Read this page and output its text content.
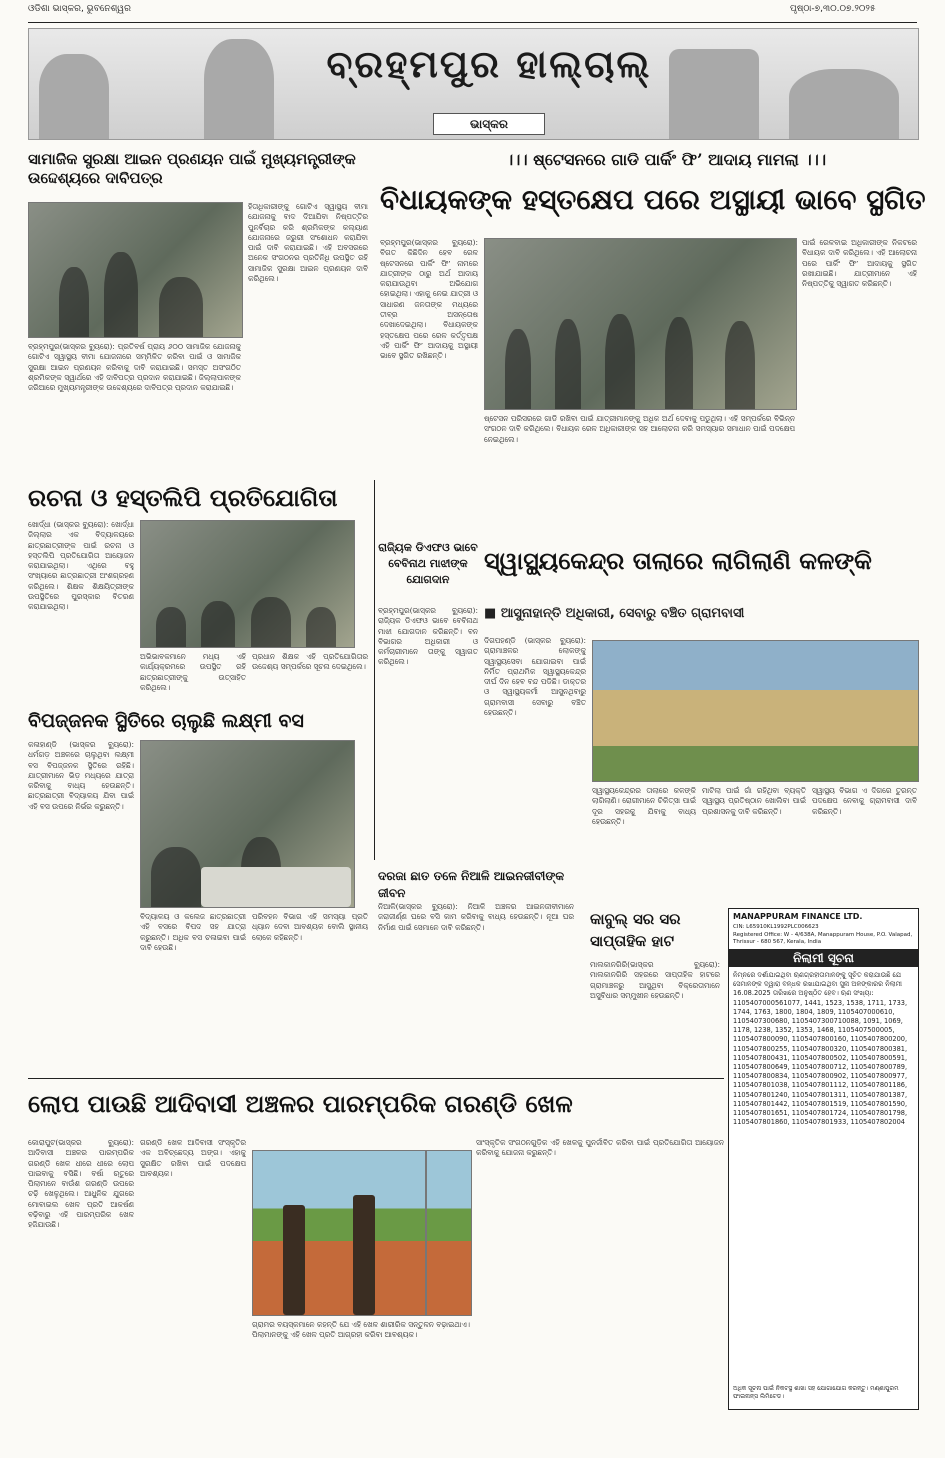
ଓଡିଶା ଭାସ୍କର, ଭୁବନେଶ୍ୱର	ପୃଷ୍ଠା-୭,୩୦.୦୭.୨୦୨୫
ବ୍ରହ୍ମପୁର ହାଲ୍‌ଚାଲ୍
ଭାସ୍କର
ସାମାଜିକ ସୁରକ୍ଷା ଆଇନ ପ୍ରଣୟନ ପାଇଁ ମୁଖ୍ୟମନ୍ତ୍ରୀଙ୍କ ଉଦ୍ଦେଶ୍ୟରେ ଦାବିପତ୍ର
ବ୍ରହ୍ମପୁର(ଭାସ୍କର ବ୍ୟୁରୋ): ପ୍ରତିବର୍ଷ ପ୍ରାୟ ୬୦୦ ସାମାଜିକ ଯୋଜନାକୁ ଗୋଟିଏ ସ୍ୱାସ୍ଥ୍ୟ ବୀମା ଯୋଜନାରେ ସମ୍ମିଳିତ କରିବା ପାଇଁ ଓ ସାମାଜିକ ସୁରକ୍ଷା ଆଇନ ପ୍ରଣୟନ କରିବାକୁ ଦାବି କରାଯାଇଛି। ସମସ୍ତ ଅସଂଗଠିତ ଶ୍ରମିକଙ୍କ ସ୍ୱାର୍ଥରେ ଏହି ଦାବିପତ୍ର ପ୍ରଦାନ କରାଯାଇଛି। ଜିଲ୍ଲାପାଳଙ୍କ ଜରିଆରେ ମୁଖ୍ୟମନ୍ତ୍ରୀଙ୍କ ଉଦ୍ଦେଶ୍ୟରେ ଦାବିପତ୍ର ପ୍ରଦାନ କରାଯାଇଛି।
ହିତାଧିକାରୀଙ୍କୁ ଗୋଟିଏ ସ୍ୱାସ୍ଥ୍ୟ ବୀମା ଯୋଜନାକୁ ବାଦ ଦିଆଯିବା ନିଷ୍ପତ୍ତିର ପୁନର୍ବିଚାର କରି ଶ୍ରମିକଙ୍କ କଲ୍ୟାଣ ଯୋଜନାରେ ଜରୁରୀ ସଂଶୋଧନ କରାଯିବା ପାଇଁ ଦାବି କରାଯାଇଛି। ଏହି ଅବସରରେ ଅନେକ ସଂଗଠନର ପ୍ରତିନିଧି ଉପସ୍ଥିତ ରହି ସାମାଜିକ ସୁରକ୍ଷା ଆଇନ ପ୍ରଣୟନ ଦାବି କରିଥିଲେ।
।।। ଷ୍ଟେସନରେ ଗାଡି ପାର୍କିଂ ଫି’ ଆଦାୟ ମାମଲା ।।।
ବିଧାୟକଙ୍କ ହସ୍ତକ୍ଷେପ ପରେ ଅସ୍ଥାୟୀ ଭାବେ ସ୍ଥଗିତ
ବ୍ରହ୍ମପୁର(ଭାସ୍କର ବ୍ୟୁରୋ): ବିଗତ କିଛିଦିନ ହେବ ରେଳ ଷ୍ଟେସନରେ ପାର୍କିଂ ଫି’ ନାମରେ ଯାତ୍ରୀଙ୍କ ଠାରୁ ଅର୍ଥ ଆଦାୟ କରାଯାଉଥିବା ଅଭିଯୋଗ ହୋଇଥିଲା। ଏହାକୁ ନେଇ ଯାତ୍ରୀ ଓ ସାଧାରଣ ଜନତାଙ୍କ ମଧ୍ୟରେ ତୀବ୍ର ଅସନ୍ତୋଷ ଦେଖାଦେଇଥିଲା। ବିଧାୟକଙ୍କ ହସ୍ତକ୍ଷେପ ପରେ ରେଳ କର୍ତ୍ତୃପକ୍ଷ ଏହି ପାର୍କିଂ ଫି’ ଆଦାୟକୁ ଅସ୍ଥାୟୀ ଭାବେ ସ୍ଥଗିତ ରଖିଛନ୍ତି।
ଷ୍ଟେସନ ପରିସରରେ ଗାଡି ରଖିବା ପାଇଁ ଯାତ୍ରୀମାନଙ୍କୁ ଅଧିକ ଅର୍ଥ ଦେବାକୁ ପଡୁଥିଲା। ଏହି ସମ୍ପର୍କରେ ବିଭିନ୍ନ ସଂଗଠନ ଦାବି କରିଥିଲେ। ବିଧାୟକ ରେଳ ଅଧିକାରୀଙ୍କ ସହ ଆଲୋଚନା କରି ସମସ୍ୟାର ସମାଧାନ ପାଇଁ ପଦକ୍ଷେପ ନେଇଥିଲେ।
ପାଇଁ ରେଳବାଇ ଅଧିକାରୀଙ୍କ ନିକଟରେ ବିଧାୟକ ଦାବି କରିଥିଲେ। ଏହି ଆଲୋଚନା ପରେ ପାର୍କିଂ ଫି’ ଆଦାୟକୁ ସ୍ଥଗିତ ରଖାଯାଇଛି। ଯାତ୍ରୀମାନେ ଏହି ନିଷ୍ପତ୍ତିକୁ ସ୍ୱାଗତ କରିଛନ୍ତି।
ରଚନା ଓ ହସ୍ତଲିପି ପ୍ରତିଯୋଗିତା
ଖୋର୍ଦ୍ଧା (ଭାସ୍କର ବ୍ୟୁରୋ): ଖୋର୍ଦ୍ଧା ଜିଲ୍ଲାର ଏକ ବିଦ୍ୟାଳୟରେ ଛାତ୍ରଛାତ୍ରୀଙ୍କ ପାଇଁ ରଚନା ଓ ହସ୍ତଲିପି ପ୍ରତିଯୋଗିତା ଆୟୋଜନ କରାଯାଇଥିଲା। ଏଥିରେ ବହୁ ସଂଖ୍ୟାରେ ଛାତ୍ରଛାତ୍ରୀ ଅଂଶଗ୍ରହଣ କରିଥିଲେ। ଶିକ୍ଷକ ଶିକ୍ଷୟିତ୍ରୀଙ୍କ ଉପସ୍ଥିତିରେ ପୁରସ୍କାର ବିତରଣ କରାଯାଇଥିଲା।
ଅଭିଭାବକମାନେ ମଧ୍ୟ ଏହି କାର୍ଯ୍ୟକ୍ରମରେ ଉପସ୍ଥିତ ରହି ଛାତ୍ରଛାତ୍ରୀଙ୍କୁ ଉତ୍ସାହିତ କରିଥିଲେ।
ପ୍ରଧାନ ଶିକ୍ଷକ ଏହି ପ୍ରତିଯୋଗିତାର ଉଦ୍ଦେଶ୍ୟ ସମ୍ପର୍କରେ ସୂଚନା ଦେଇଥିଲେ।
ରାଜ୍ୟିକ ଡିଏଫଓ ଭାବେ ବେବିନାଥ ମାଝୀଙ୍କ ଯୋଗଦାନ
ବ୍ରହ୍ମପୁର(ଭାସ୍କର ବ୍ୟୁରୋ): ରାଜ୍ୟିକ ଡିଏଫଓ ଭାବେ ବେବିନାଥ ମାଝୀ ଯୋଗଦାନ କରିଛନ୍ତି। ବନ ବିଭାଗର ଅଧିକାରୀ ଓ କର୍ମଚାରୀମାନେ ତାଙ୍କୁ ସ୍ୱାଗତ କରିଥିଲେ।
ସ୍ୱାସ୍ଥ୍ୟକେନ୍ଦ୍ର ତାଲାରେ ଲାଗିଲାଣି କଳଙ୍କି
■ ଆସୁନାହାନ୍ତି ଅଧିକାରୀ, ସେବାରୁ ବଞ୍ଚିତ ଗ୍ରାମବାସୀ
ଦିଗପହଣ୍ଡି (ଭାସ୍କର ବ୍ୟୁରୋ): ଗ୍ରାମାଞ୍ଚଳର ଲୋକଙ୍କୁ ସ୍ୱାସ୍ଥ୍ୟସେବା ଯୋଗାଇବା ପାଇଁ ନିର୍ମିତ ପ୍ରାଥମିକ ସ୍ୱାସ୍ଥ୍ୟକେନ୍ଦ୍ର ଦୀର୍ଘ ଦିନ ହେବ ବନ୍ଦ ପଡିଛି। ଡାକ୍ତର ଓ ସ୍ୱାସ୍ଥ୍ୟକର୍ମୀ ଆସୁନଥିବାରୁ ଗ୍ରାମବାସୀ ସେବାରୁ ବଞ୍ଚିତ ହେଉଛନ୍ତି।
ସ୍ୱାସ୍ଥ୍ୟକେନ୍ଦ୍ରର ତାଲାରେ କଳଙ୍କି ଲାଗିଲାଣି। ରୋଗୀମାନେ ଚିକିତ୍ସା ପାଇଁ ଦୂର ସହରକୁ ଯିବାକୁ ବାଧ୍ୟ ହେଉଛନ୍ତି।
ମାଟିଲା ପାଇଁ ଗାଁ ରହିଥିବା ବ୍ୟକ୍ତି ସ୍ୱାସ୍ଥ୍ୟ ପ୍ରତିଷ୍ଠାନ ଖୋଲିବା ପାଇଁ ପ୍ରଶାସନକୁ ଦାବି କରିଛନ୍ତି।
ସ୍ୱାସ୍ଥ୍ୟ ବିଭାଗ ଏ ଦିଗରେ ତୁରନ୍ତ ପଦକ୍ଷେପ ନେବାକୁ ଗ୍ରାମବାସୀ ଦାବି କରିଛନ୍ତି।
ବିପଜ୍ଜନକ ସ୍ଥିତିରେ ଚାଲୁଛି ଲକ୍ଷ୍ମୀ ବସ
କଳାହାଣ୍ଡି (ଭାସ୍କର ବ୍ୟୁରୋ): ଧର୍ମଗଡ଼ ଅଞ୍ଚଳରେ ଚାଲୁଥିବା ଲକ୍ଷ୍ମୀ ବସ ବିପଜ୍ଜନକ ସ୍ଥିତିରେ ରହିଛି। ଯାତ୍ରୀମାନେ ଭିଡ଼ ମଧ୍ୟରେ ଯାତ୍ରା କରିବାକୁ ବାଧ୍ୟ ହେଉଛନ୍ତି। ଛାତ୍ରଛାତ୍ରୀ ବିଦ୍ୟାଳୟ ଯିବା ପାଇଁ ଏହି ବସ ଉପରେ ନିର୍ଭର କରୁଛନ୍ତି।
ବିଦ୍ୟାଳୟ ଓ କଲେଜ ଛାତ୍ରଛାତ୍ରୀ ଏହି ବସରେ ବିପଦ ସହ ଯାତ୍ରା କରୁଛନ୍ତି। ଅଧିକ ବସ ଚଳାଇବା ପାଇଁ ଦାବି ହେଉଛି।
ପରିବହନ ବିଭାଗ ଏହି ସମସ୍ୟା ପ୍ରତି ଧ୍ୟାନ ଦେବା ଆବଶ୍ୟକ ବୋଲି ସ୍ଥାନୀୟ ଲୋକେ କହିଛନ୍ତି।
ଦରଜା ଛାତ ତଳେ ନିଆଳି ଆଇନଜୀବୀଙ୍କ ଜୀବନ
ନିଆଳି(ଭାସ୍କର ବ୍ୟୁରୋ): ନିଆଳି ଅଞ୍ଚଳର ଆଇନଜୀବୀମାନେ ଜରାଜୀର୍ଣ୍ଣ ଘରେ ବସି କାମ କରିବାକୁ ବାଧ୍ୟ ହେଉଛନ୍ତି। ନୂଆ ଘର ନିର୍ମାଣ ପାଇଁ ସେମାନେ ଦାବି କରିଛନ୍ତି।	କାବୁଲ୍ ସର ସର ସାପ୍ତାହିକ ହାଟ
ମାଲକାନଗିରି(ଭାସ୍କର ବ୍ୟୁରୋ): ମାଲକାନଗିରି ସହରରେ ସାପ୍ତାହିକ ହାଟରେ ଗ୍ରାମାଞ୍ଚଳରୁ ଆସୁଥିବା ବିକ୍ରେତାମାନେ ଅସୁବିଧାର ସମ୍ମୁଖୀନ ହେଉଛନ୍ତି।
MANAPPURAM FINANCE LTD.
CIN: L65910KL1992PLC006623
Registered Office: W - 4/638A, Manappuram House, P.O. Valapad, Thrissur - 680 567, Kerala, India
ନିଲାମୀ ସୂଚନା
ନିମ୍ନରେ ଦର୍ଶାଯାଇଥିବା ଋଣଗ୍ରହୀତାମାନଙ୍କୁ ସୂଚିତ କରାଯାଉଛି ଯେ ସେମାନଙ୍କ ଦ୍ୱାରା ବନ୍ଧକ ରଖାଯାଇଥିବା ସୁନା ଅଳଙ୍କାରର ନିଲାମୀ 16.08.2025 ତାରିଖରେ ଅନୁଷ୍ଠିତ ହେବ। ଋଣ ସଂଖ୍ୟା: 1105407000561077, 1441, 1523, 1538, 1711, 1733, 1744, 1763, 1800, 1804, 1809, 1105407000610, 1105407300680, 1105407300710088, 1091, 1069, 1178, 1238, 1352, 1353, 1468, 1105407500005, 1105407800090, 1105407800160, 1105407800200, 1105407800255, 1105407800320, 1105407800381, 1105407800431, 1105407800502, 1105407800591, 1105407800649, 1105407800712, 1105407800789, 1105407800834, 1105407800902, 1105407800977, 1105407801038, 1105407801112, 1105407801186, 1105407801240, 1105407801311, 1105407801387, 1105407801442, 1105407801519, 1105407801590, 1105407801651, 1105407801724, 1105407801798, 1105407801860, 1105407801933, 1105407802004
ଅଧିକ ସୂଚନା ପାଇଁ ନିକଟସ୍ଥ ଶାଖା ସହ ଯୋଗାଯୋଗ କରନ୍ତୁ। ମଣ୍ଣାପୁରମ ଫାଇନାନ୍ସ ଲିମିଟେଡ।
ଲୋପ ପାଉଛି ଆଦିବାସୀ ଅଞ୍ଚଳର ପାରମ୍ପରିକ ଗରଣ୍ଡି ଖେଳ
କୋରାପୁଟ(ଭାସ୍କର ବ୍ୟୁରୋ): ଆଦିବାସୀ ଅଞ୍ଚଳର ପାରମ୍ପରିକ ଗରଣ୍ଡି ଖେଳ ଧୀରେ ଧୀରେ ଲୋପ ପାଇବାକୁ ବସିଛି। ବର୍ଷା ଋତୁରେ ପିଲାମାନେ ବାଉଁଶ ଗରଣ୍ଡି ଉପରେ ଚଢ଼ି ଖେଳୁଥିଲେ। ଆଧୁନିକ ଯୁଗରେ ମୋବାଇଲ ଖେଳ ପ୍ରତି ଆକର୍ଷଣ ବଢ଼ିବାରୁ ଏହି ପାରମ୍ପରିକ ଖେଳ ହଜିଯାଉଛି।
ଗରଣ୍ଡି ଖେଳ ଆଦିବାସୀ ସଂସ୍କୃତିର ଏକ ଅବିଚ୍ଛେଦ୍ୟ ଅଙ୍ଗ। ଏହାକୁ ସୁରକ୍ଷିତ ରଖିବା ପାଇଁ ପଦକ୍ଷେପ ଆବଶ୍ୟକ।
ଗ୍ରାମର ବୟସ୍କମାନେ କହନ୍ତି ଯେ ଏହି ଖେଳ ଶାରୀରିକ ସନ୍ତୁଳନ ବଢ଼ାଇଥାଏ। ପିଲାମାନଙ୍କୁ ଏହି ଖେଳ ପ୍ରତି ଆଗ୍ରହୀ କରିବା ଆବଶ୍ୟକ।
ସାଂସ୍କୃତିକ ସଂଗଠନଗୁଡ଼ିକ ଏହି ଖେଳକୁ ପୁନର୍ଜୀବିତ କରିବା ପାଇଁ ପ୍ରତିଯୋଗିତା ଆୟୋଜନ କରିବାକୁ ଯୋଜନା କରୁଛନ୍ତି।
